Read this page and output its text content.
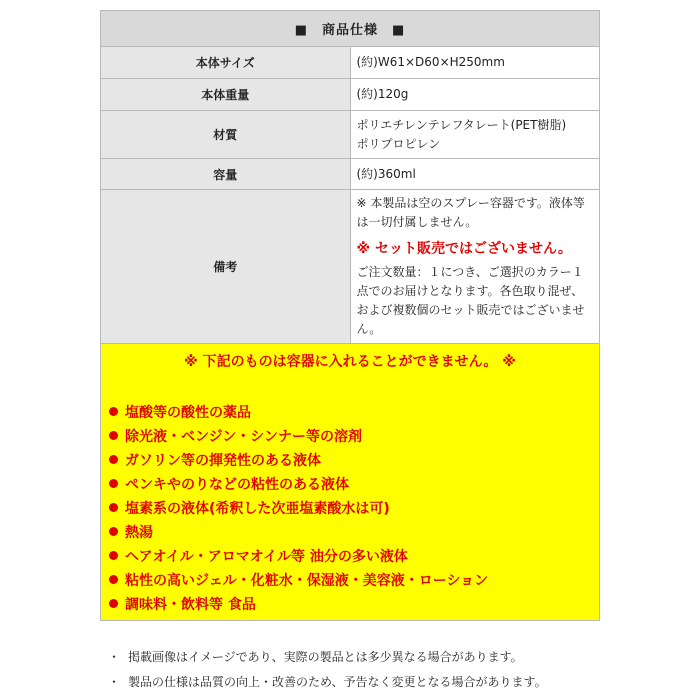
■　商品仕様　■	
本体サイズ	(約)W61×D60×H250mm
本体重量	(約)120g
材質	ポリエチレンテレフタレート(PET樹脂)
ポリプロピレン

容量	(約)360ml
備考	※ 本製品は空のスプレー容器です。液体等は一切付属しません。
※ セット販売ではございません。
ご注文数量：１につき、ご選択のカラー１点でのお届けとなります。各色取り混ぜ、および複数個のセット販売ではございません。
※ 下記のものは容器に入れることができません。 ※
塩酸等の酸性の薬品
除光液・ベンジン・シンナー等の溶剤
ガソリン等の揮発性のある液体
ペンキやのりなどの粘性のある液体
塩素系の液体(希釈した次亜塩素酸水は可)
熱湯
ヘアオイル・アロマオイル等 油分の多い液体
粘性の高いジェル・化粧水・保湿液・美容液・ローション
調味料・飲料等 食品
・ 掲載画像はイメージであり、実際の製品とは多少異なる場合があります。
・ 製品の仕様は品質の向上・改善のため、予告なく変更となる場合があります。
